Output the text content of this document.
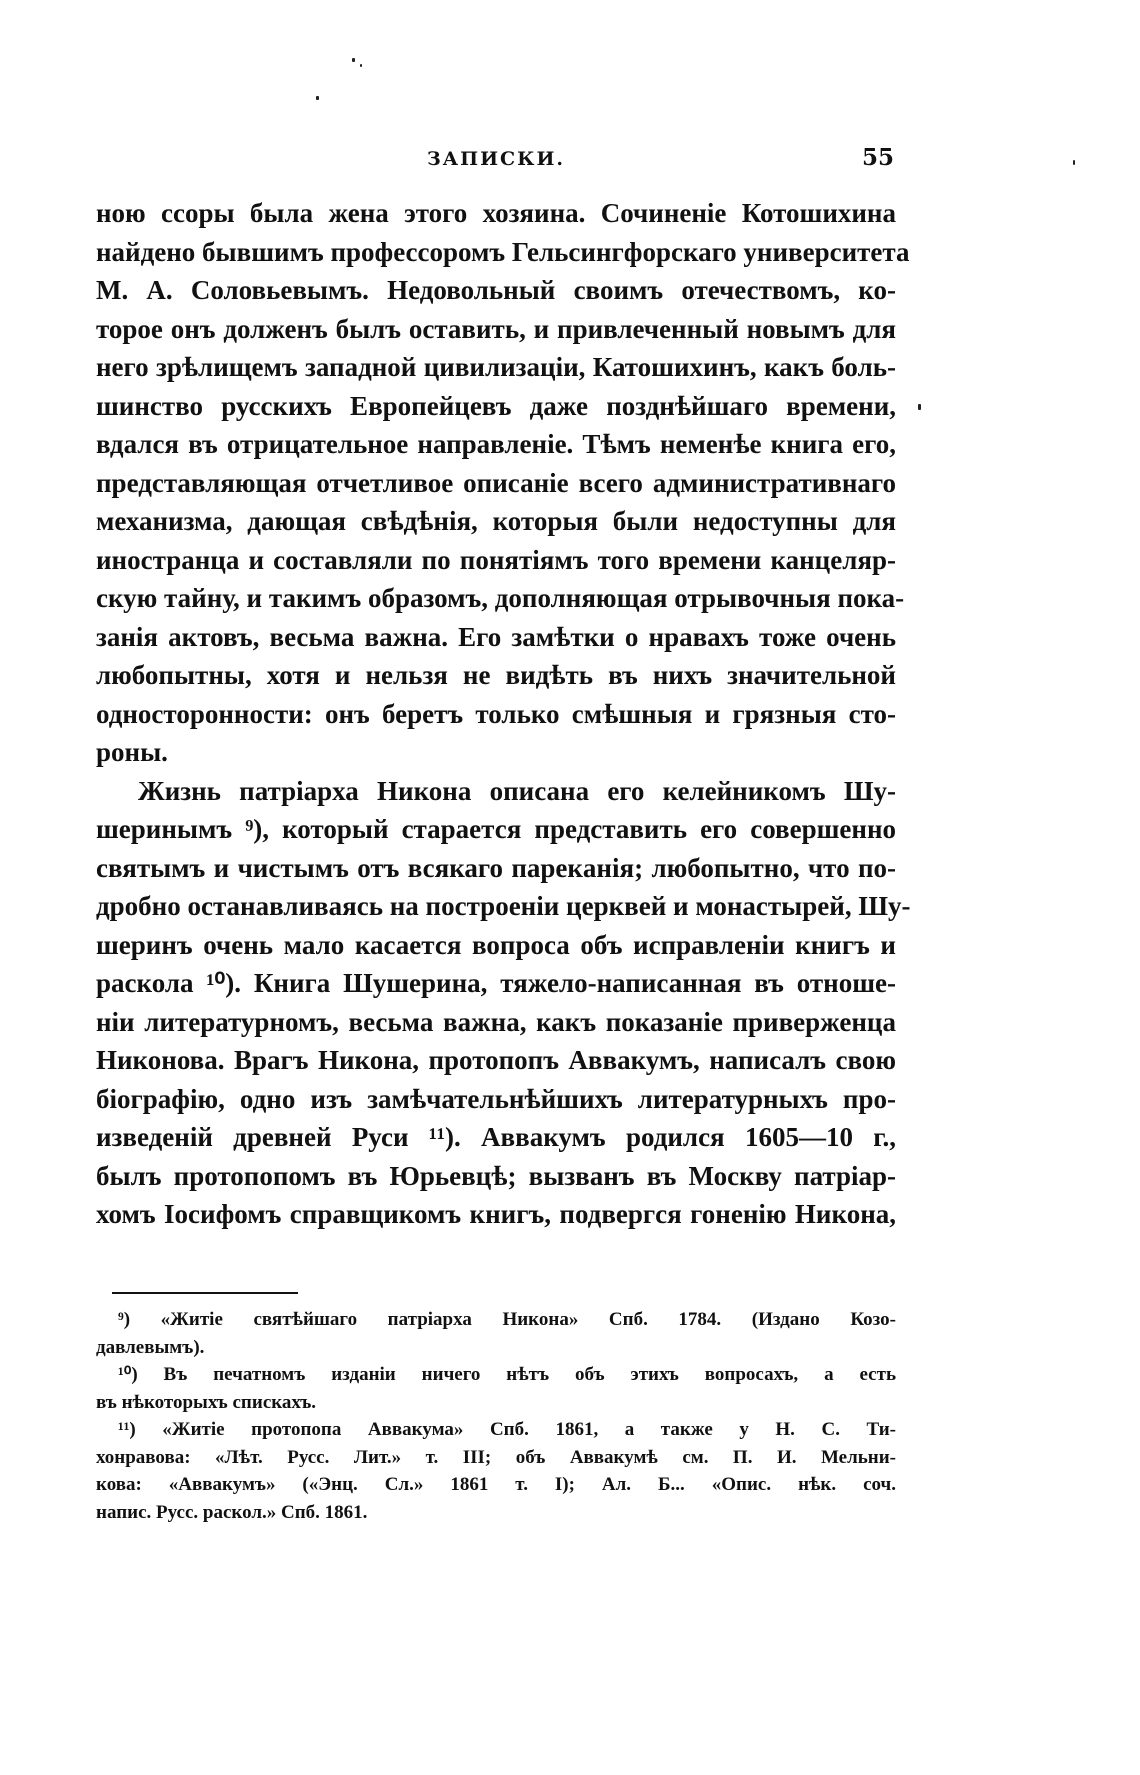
ЗАПИСКИ.	55
ною ссоры была жена этого хозяина. Сочиненіе Котошихина
найдено бывшимъ профессоромъ Гельсингфорскаго университета
М. А. Соловьевымъ. Недовольный своимъ отечествомъ, ко-
торое онъ долженъ былъ оставить, и привлеченный новымъ для
него зрѣлищемъ западной цивилизаціи, Катошихинъ, какъ боль-
шинство русскихъ Европейцевъ даже позднѣйшаго времени,
вдался въ отрицательное направленіе. Тѣмъ неменѣе книга его,
представляющая отчетливое описаніе всего административнаго
механизма, дающая свѣдѣнія, которыя были недоступны для
иностранца и составляли по понятіямъ того времени канцеляр-
скую тайну, и такимъ образомъ, дополняющая отрывочныя пока-
занія актовъ, весьма важна. Его замѣтки о нравахъ тоже очень
любопытны, хотя и нельзя не видѣть въ нихъ значительной
односторонности: онъ беретъ только смѣшныя и грязныя сто-
роны.
Жизнь патріарха Никона описана его келейникомъ Шу-
шеринымъ ⁹), который старается представить его совершенно
святымъ и чистымъ отъ всякаго парекaнія; любопытно, что по-
дробно останавливаясь на построеніи церквей и монастырей, Шу-
шеринъ очень мало касается вопроса объ исправленіи книгъ и
раскола ¹⁰). Книга Шушерина, тяжело-написанная въ отноше-
ніи литературномъ, весьма важна, какъ показаніе приверженца
Никонова. Врагъ Никона, протопопъ Аввакумъ, написалъ свою
біографію, одно изъ замѣчательнѣйшихъ литературныхъ про-
изведеній древней Руси ¹¹). Аввакумъ родился 1605—10 г.,
былъ протопопомъ въ Юрьевцѣ; вызванъ въ Москву патріар-
хомъ Іосифомъ справщикомъ книгъ, подвергся гоненію Никона,
⁹) «Житіе святѣйшаго патріарха Никона» Спб. 1784. (Издано Козо-
давлевымъ).
¹⁰) Въ печатномъ изданіи ничего нѣтъ объ этихъ вопросахъ, а есть
въ нѣкоторыхъ спискахъ.
¹¹) «Житіе протопопа Аввакума» Спб. 1861, а также у Н. С. Ти-
хонравова: «Лѣт. Русс. Лит.» т. III; объ Аввакумѣ см. П. И. Мельни-
кова: «Аввакумъ» («Энц. Сл.» 1861 т. I); Ал. Б... «Опис. нѣк. соч.
напис. Русс. раскол.» Спб. 1861.
